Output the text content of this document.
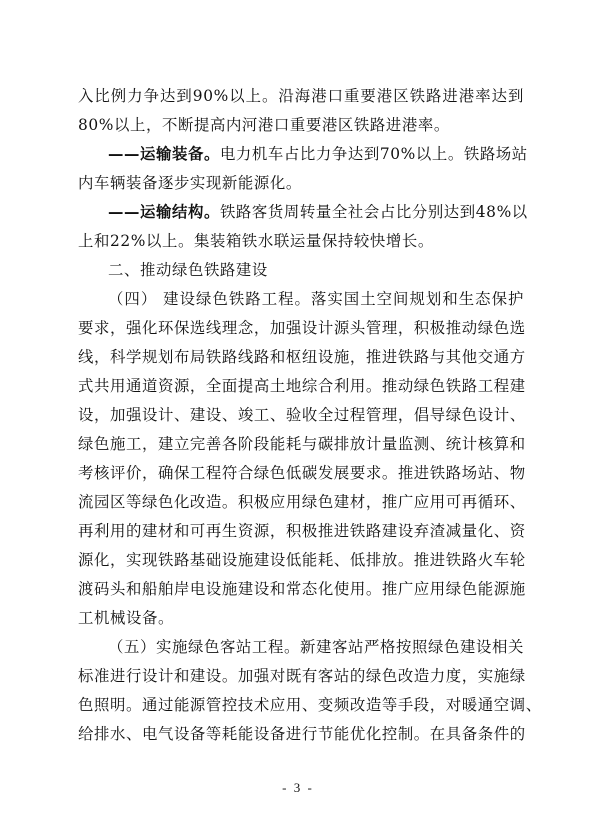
入比例力争达到90%以上。沿海港口重要港区铁路进港率达到
80%以上，不断提高内河港口重要港区铁路进港率。
——运输装备。电力机车占比力争达到70%以上。铁路场站
内车辆装备逐步实现新能源化。
——运输结构。铁路客货周转量全社会占比分别达到48%以
上和22%以上。集装箱铁水联运量保持较快增长。
二、推动绿色铁路建设
（四） 建设绿色铁路工程。落实国土空间规划和生态保护
要求，强化环保选线理念，加强设计源头管理，积极推动绿色选
线，科学规划布局铁路线路和枢纽设施，推进铁路与其他交通方
式共用通道资源，全面提高土地综合利用。推动绿色铁路工程建
设，加强设计、建设、竣工、验收全过程管理，倡导绿色设计、
绿色施工，建立完善各阶段能耗与碳排放计量监测、统计核算和
考核评价，确保工程符合绿色低碳发展要求。推进铁路场站、物
流园区等绿色化改造。积极应用绿色建材，推广应用可再循环、
再利用的建材和可再生资源，积极推进铁路建设弃渣减量化、资
源化，实现铁路基础设施建设低能耗、低排放。推进铁路火车轮
渡码头和船舶岸电设施建设和常态化使用。推广应用绿色能源施
工机械设备。
（五）实施绿色客站工程。新建客站严格按照绿色建设相关
标准进行设计和建设。加强对既有客站的绿色改造力度，实施绿
色照明。通过能源管控技术应用、变频改造等手段，对暖通空调、
给排水、电气设备等耗能设备进行节能优化控制。在具备条件的
- 3 -
